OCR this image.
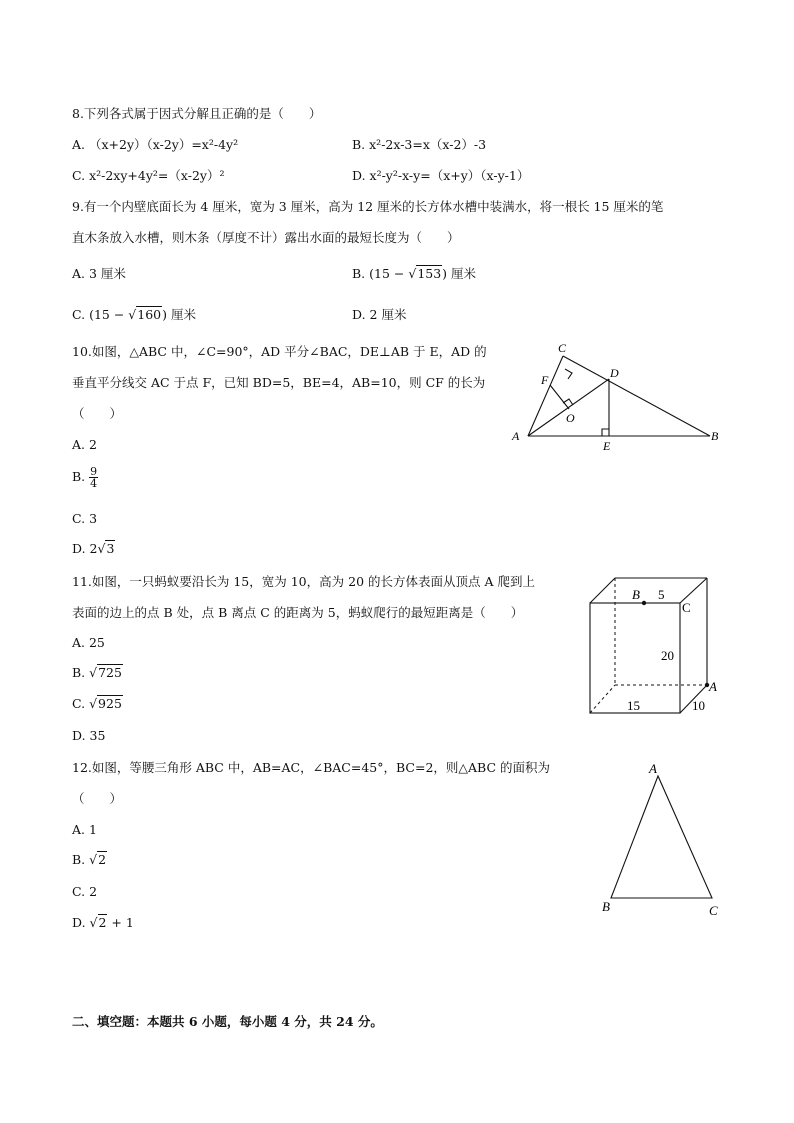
8.下列各式属于因式分解且正确的是（　　）
A. （x+2y）（x-2y）=x²-4y²	B. x²-2x-3=x（x-2）-3
C. x²-2xy+4y²=（x-2y）²	D. x²-y²-x-y=（x+y）（x-y-1）
9.有一个内壁底面长为 4 厘米，宽为 3 厘米，高为 12 厘米的长方体水槽中装满水，将一根长 15 厘米的笔
直木条放入水槽，则木条（厚度不计）露出水面的最短长度为（　　）
A. 3 厘米	B. (15 − √153) 厘米
C. (15 − √160) 厘米	D. 2 厘米
10.如图，△ABC 中，∠C=90°，AD 平分∠BAC，DE⊥AB 于 E，AD 的
垂直平分线交 AC 于点 F，已知 BD=5，BE=4，AB=10，则 CF 的长为
（　　）
A. 2
B. $\frac{9}{4}$
C. 3
D. 2√3
C
F	D
O
A
E
B
11.如图，一只蚂蚁要沿长为 15，宽为 10，高为 20 的长方体表面从顶点 A 爬到上
表面的边上的点 B 处，点 B 离点 C 的距离为 5，蚂蚁爬行的最短距离是（　　）
A. 25
B. √725
C. √925
D. 35
B 5
C
20
A
15	10
12.如图，等腰三角形 ABC 中，AB=AC，∠BAC=45°，BC=2，则△ABC 的面积为
（　　）
A. 1
B. √2
C. 2
D. √2 + 1
A
B	C
二、填空题：本题共 6 小题，每小题 4 分，共 24 分。
